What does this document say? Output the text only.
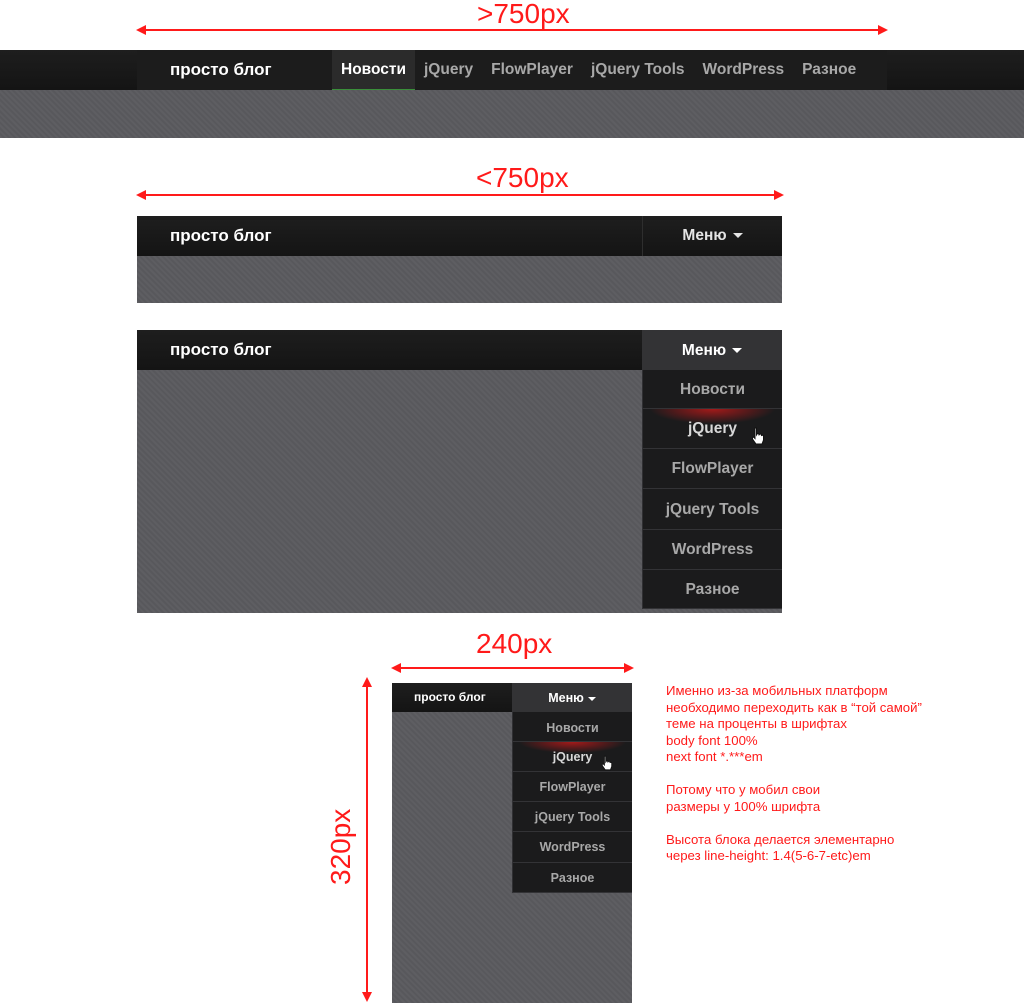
>750px
просто блог	Новости	jQuery	FlowPlayer	jQuery Tools	WordPress	Разное
<750px
просто блог	Меню
просто блог	Меню
Новости
jQuery
FlowPlayer
jQuery Tools
WordPress
Разное
240px
320px
просто блог	Меню
Новости
jQuery
FlowPlayer
jQuery Tools
WordPress
Разное
Именно из-за мобильных платформ
необходимо переходить как в “той самой”
теме на проценты в шрифтах
body font 100%
next font *.***em
Потому что у мобил свои
размеры у 100% шрифта
Высота блока делается элементарно
через line-height: 1.4(5-6-7-etc)em
